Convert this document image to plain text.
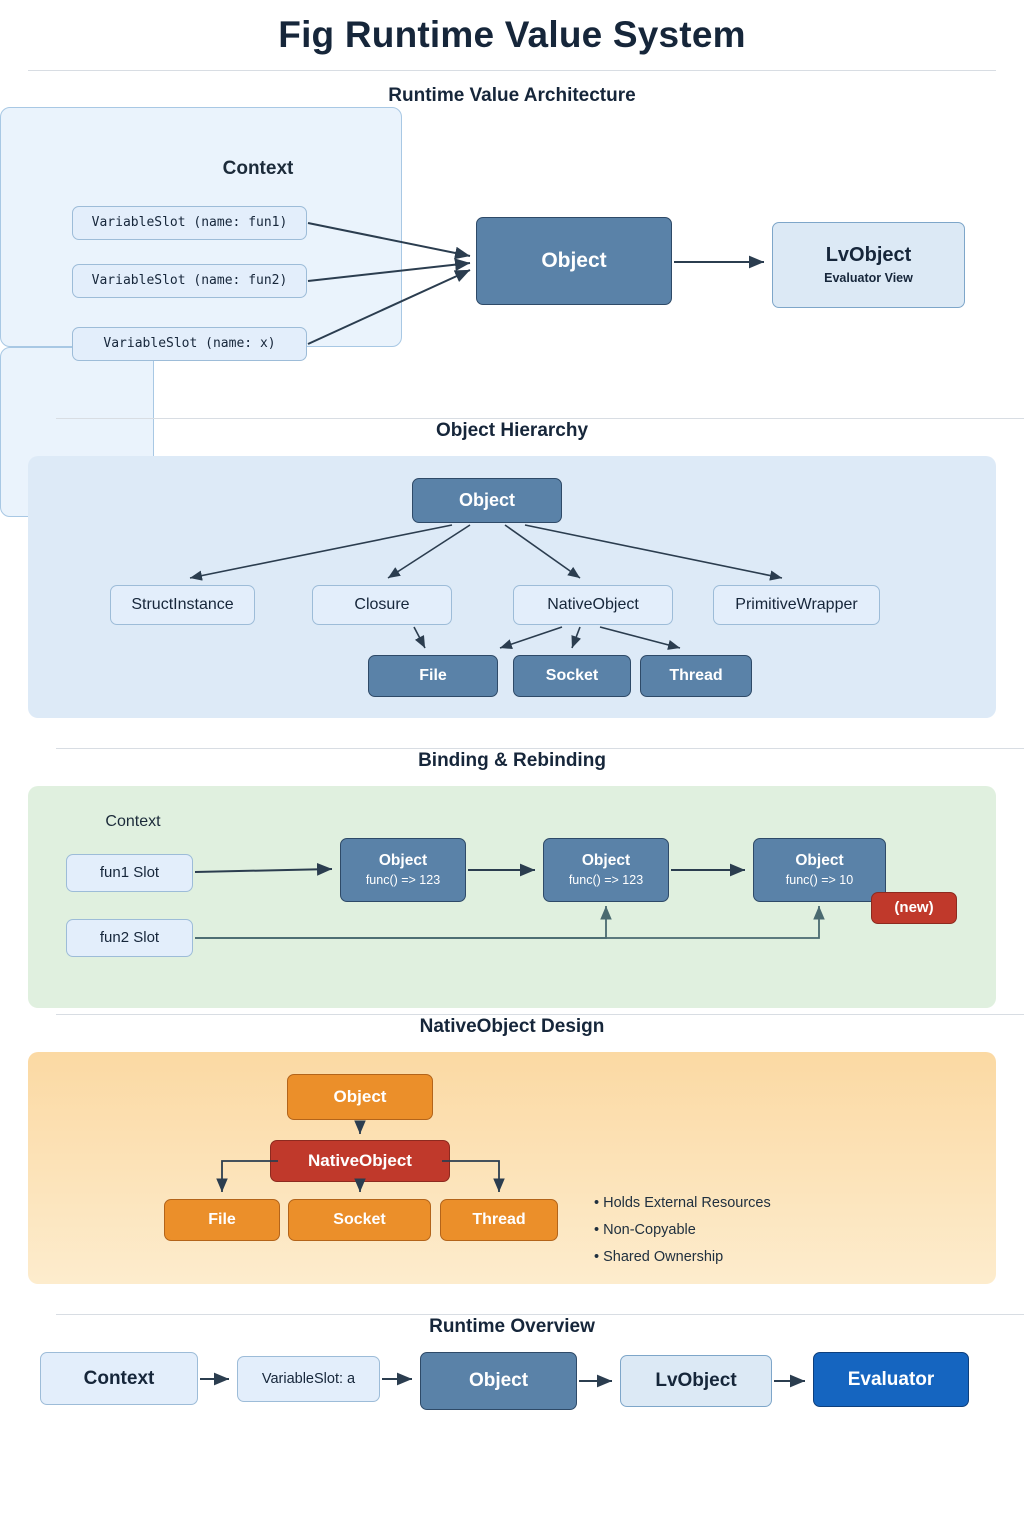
Fig Runtime Value System
Runtime Value Architecture
Context
VariableSlot (name: fun1)
VariableSlot (name: fun2)
VariableSlot (name: x)
Object	LvObject
Evaluator View
Object Hierarchy
Object
StructInstance	Closure	NativeObject	PrimitiveWrapper
File	Socket	Thread
Binding & Rebinding
Context
fun1 Slot
fun2 Slot
Object
func() => 123
Object
func() => 123
Object
func() => 10
(new)
NativeObject Design
Object
NativeObject
File	Socket	Thread
• Holds External Resources
• Non-Copyable
• Shared Ownership
Runtime Overview
Context	VariableSlot: a	Object	LvObject	Evaluator
